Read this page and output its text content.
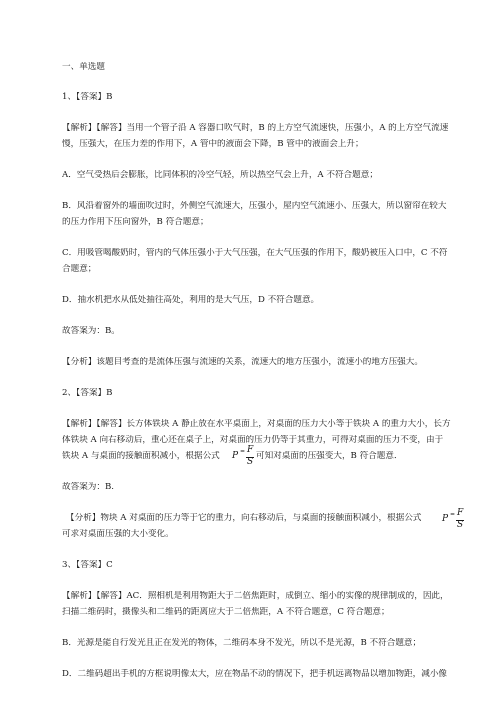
一、单选题
1、【答案】B
【解析】【解答】当用一个管子沿 A 容器口吹气时，B 的上方空气流速快，压强小，A 的上方空气流速
慢，压强大，在压力差的作用下，A 管中的液面会下降，B 管中的液面会上升；
A．空气受热后会膨胀，比同体积的冷空气轻，所以热空气会上升，A 不符合题意；
B．风沿着窗外的墙面吹过时，外侧空气流速大，压强小，屋内空气流速小、压强大，所以窗帘在较大
的压力作用下压向窗外，B 符合题意；
C．用吸管喝酸奶时，管内的气体压强小于大气压强，在大气压强的作用下，酸奶被压入口中，C 不符
合题意；
D．抽水机把水从低处抽往高处，利用的是大气压，D 不符合题意。
故答案为：B。
【分析】该题目考查的是流体压强与流速的关系，流速大的地方压强小，流速小的地方压强大。
2、【答案】B
【解析】【解答】长方体铁块 A 静止放在水平桌面上，对桌面的压力大小等于铁块 A 的重力大小，长方
体铁块 A 向右移动后，重心还在桌子上，对桌面的压力仍等于其重力，可得对桌面的压力不变，由于
铁块 A 与桌面的接触面积减小，根据公式	P = F
S
可知对桌面的压强变大，B 符合题意．
故答案为：B.
【分析】物块 A 对桌面的压力等于它的重力，向右移动后，与桌面的接触面积减小，根据公式	P = F
S
可求对桌面压强的大小变化。
3、【答案】C
【解析】【解答】AC．照相机是利用物距大于二倍焦距时，成倒立、缩小的实像的规律制成的，因此，
扫描二维码时，摄像头和二维码的距离应大于二倍焦距，A 不符合题意，C 符合题意；
B．光源是能自行发光且正在发光的物体，二维码本身不发光，所以不是光源，B 不符合题意；
D．二维码超出手机的方框说明像太大，应在物品不动的情况下，把手机远离物品以增加物距，减小像
